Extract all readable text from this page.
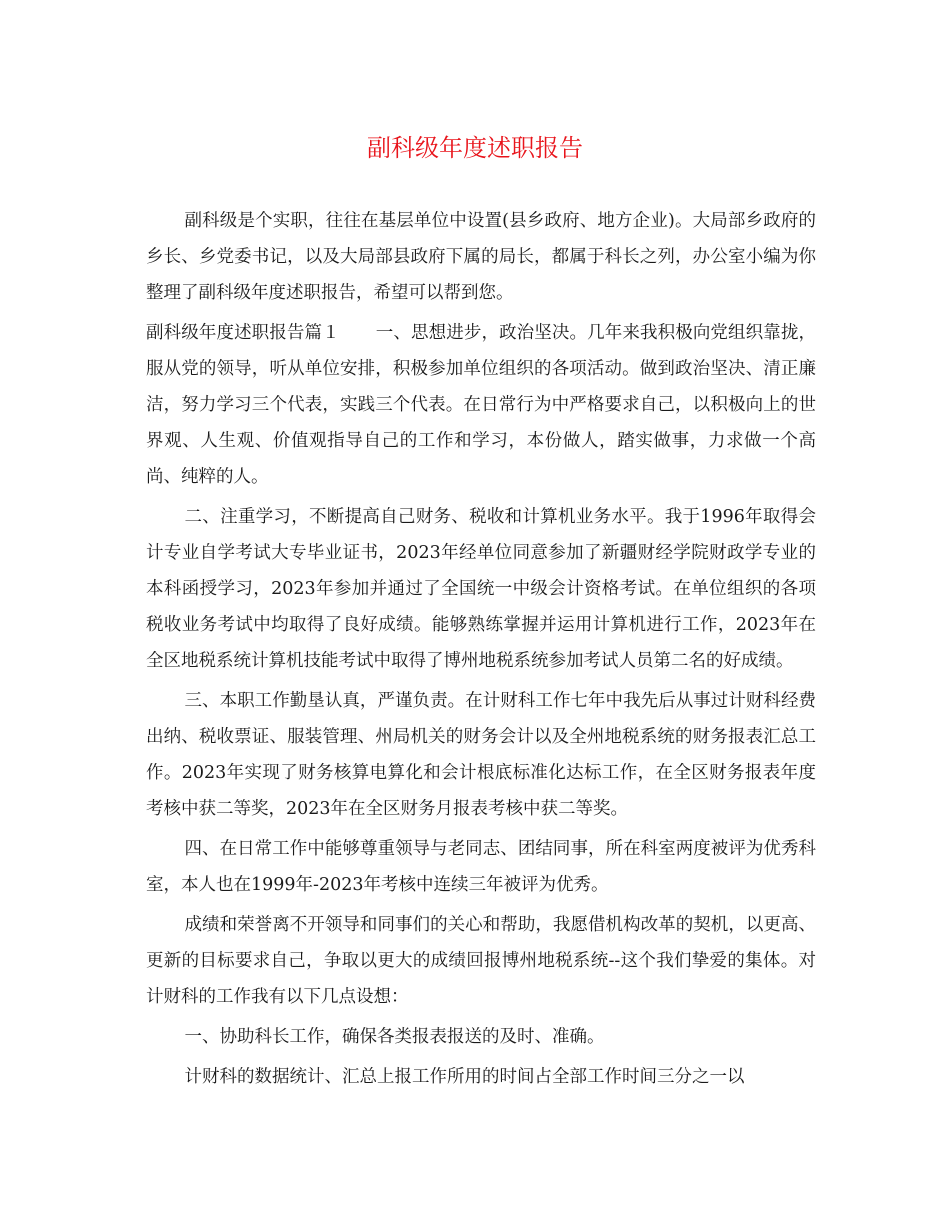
副科级年度述职报告

副科级是个实职，往往在基层单位中设置(县乡政府、地方企业)。大局部乡政府的乡长、乡党委书记，以及大局部县政府下属的局长，都属于科长之列，办公室小编为你整理了副科级年度述职报告，希望可以帮到您。

副科级年度述职报告篇１ 一、思想进步，政治坚决。几年来我积极向党组织靠拢，服从党的领导，听从单位安排，积极参加单位组织的各项活动。做到政治坚决、清正廉洁，努力学习三个代表，实践三个代表。在日常行为中严格要求自己，以积极向上的世界观、人生观、价值观指导自己的工作和学习，本份做人，踏实做事，力求做一个高尚、纯粹的人。

二、注重学习，不断提高自己财务、税收和计算机业务水平。我于1996年取得会计专业自学考试大专毕业证书，2023年经单位同意参加了新疆财经学院财政学专业的本科函授学习，2023年参加并通过了全国统一中级会计资格考试。在单位组织的各项税收业务考试中均取得了良好成绩。能够熟练掌握并运用计算机进行工作，2023年在全区地税系统计算机技能考试中取得了博州地税系统参加考试人员第二名的好成绩。

三、本职工作勤垦认真，严谨负责。在计财科工作七年中我先后从事过计财科经费出纳、税收票证、服装管理、州局机关的财务会计以及全州地税系统的财务报表汇总工作。2023年实现了财务核算电算化和会计根底标准化达标工作，在全区财务报表年度考核中获二等奖，2023年在全区财务月报表考核中获二等奖。

四、在日常工作中能够尊重领导与老同志、团结同事，所在科室两度被评为优秀科室，本人也在1999年-2023年考核中连续三年被评为优秀。

成绩和荣誉离不开领导和同事们的关心和帮助，我愿借机构改革的契机，以更高、更新的目标要求自己，争取以更大的成绩回报博州地税系统--这个我们挚爱的集体。对计财科的工作我有以下几点设想：

一、协助科长工作，确保各类报表报送的及时、准确。

计财科的数据统计、汇总上报工作所用的时间占全部工作时间三分之一以
